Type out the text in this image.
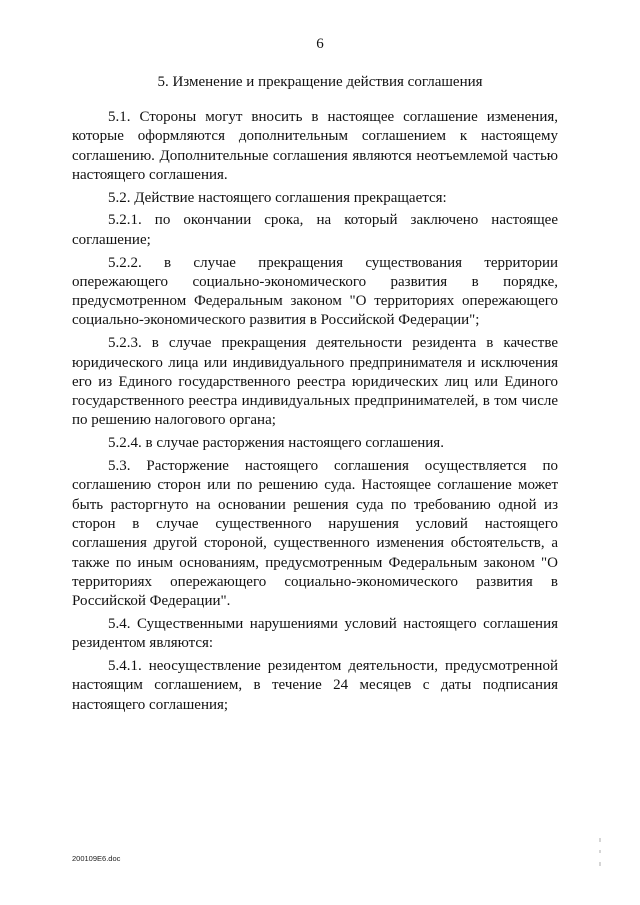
6
5. Изменение и прекращение действия соглашения

5.1. Стороны могут вносить в настоящее соглашение изменения, которые оформляются дополнительным соглашением к настоящему соглашению. Дополнительные соглашения являются неотъемлемой частью настоящего соглашения.

5.2. Действие настоящего соглашения прекращается:

5.2.1. по окончании срока, на который заключено настоящее соглашение;

5.2.2. в случае прекращения существования территории опережающего социально-экономического развития в порядке, предусмотренном Федеральным законом "О территориях опережающего социально-экономического развития в Российской Федерации";

5.2.3. в случае прекращения деятельности резидента в качестве юридического лица или индивидуального предпринимателя и исключения его из Единого государственного реестра юридических лиц или Единого государственного реестра индивидуальных предпринимателей, в том числе по решению налогового органа;

5.2.4. в случае расторжения настоящего соглашения.

5.3. Расторжение настоящего соглашения осуществляется по соглашению сторон или по решению суда. Настоящее соглашение может быть расторгнуто на основании решения суда по требованию одной из сторон в случае существенного нарушения условий настоящего соглашения другой стороной, существенного изменения обстоятельств, а также по иным основаниям, предусмотренным Федеральным законом "О территориях опережающего социально-экономического развития в Российской Федерации".

5.4. Существенными нарушениями условий настоящего соглашения резидентом являются:

5.4.1. неосуществление резидентом деятельности, предусмотренной настоящим соглашением, в течение 24 месяцев с даты подписания настоящего соглашения;

200109E6.doc
